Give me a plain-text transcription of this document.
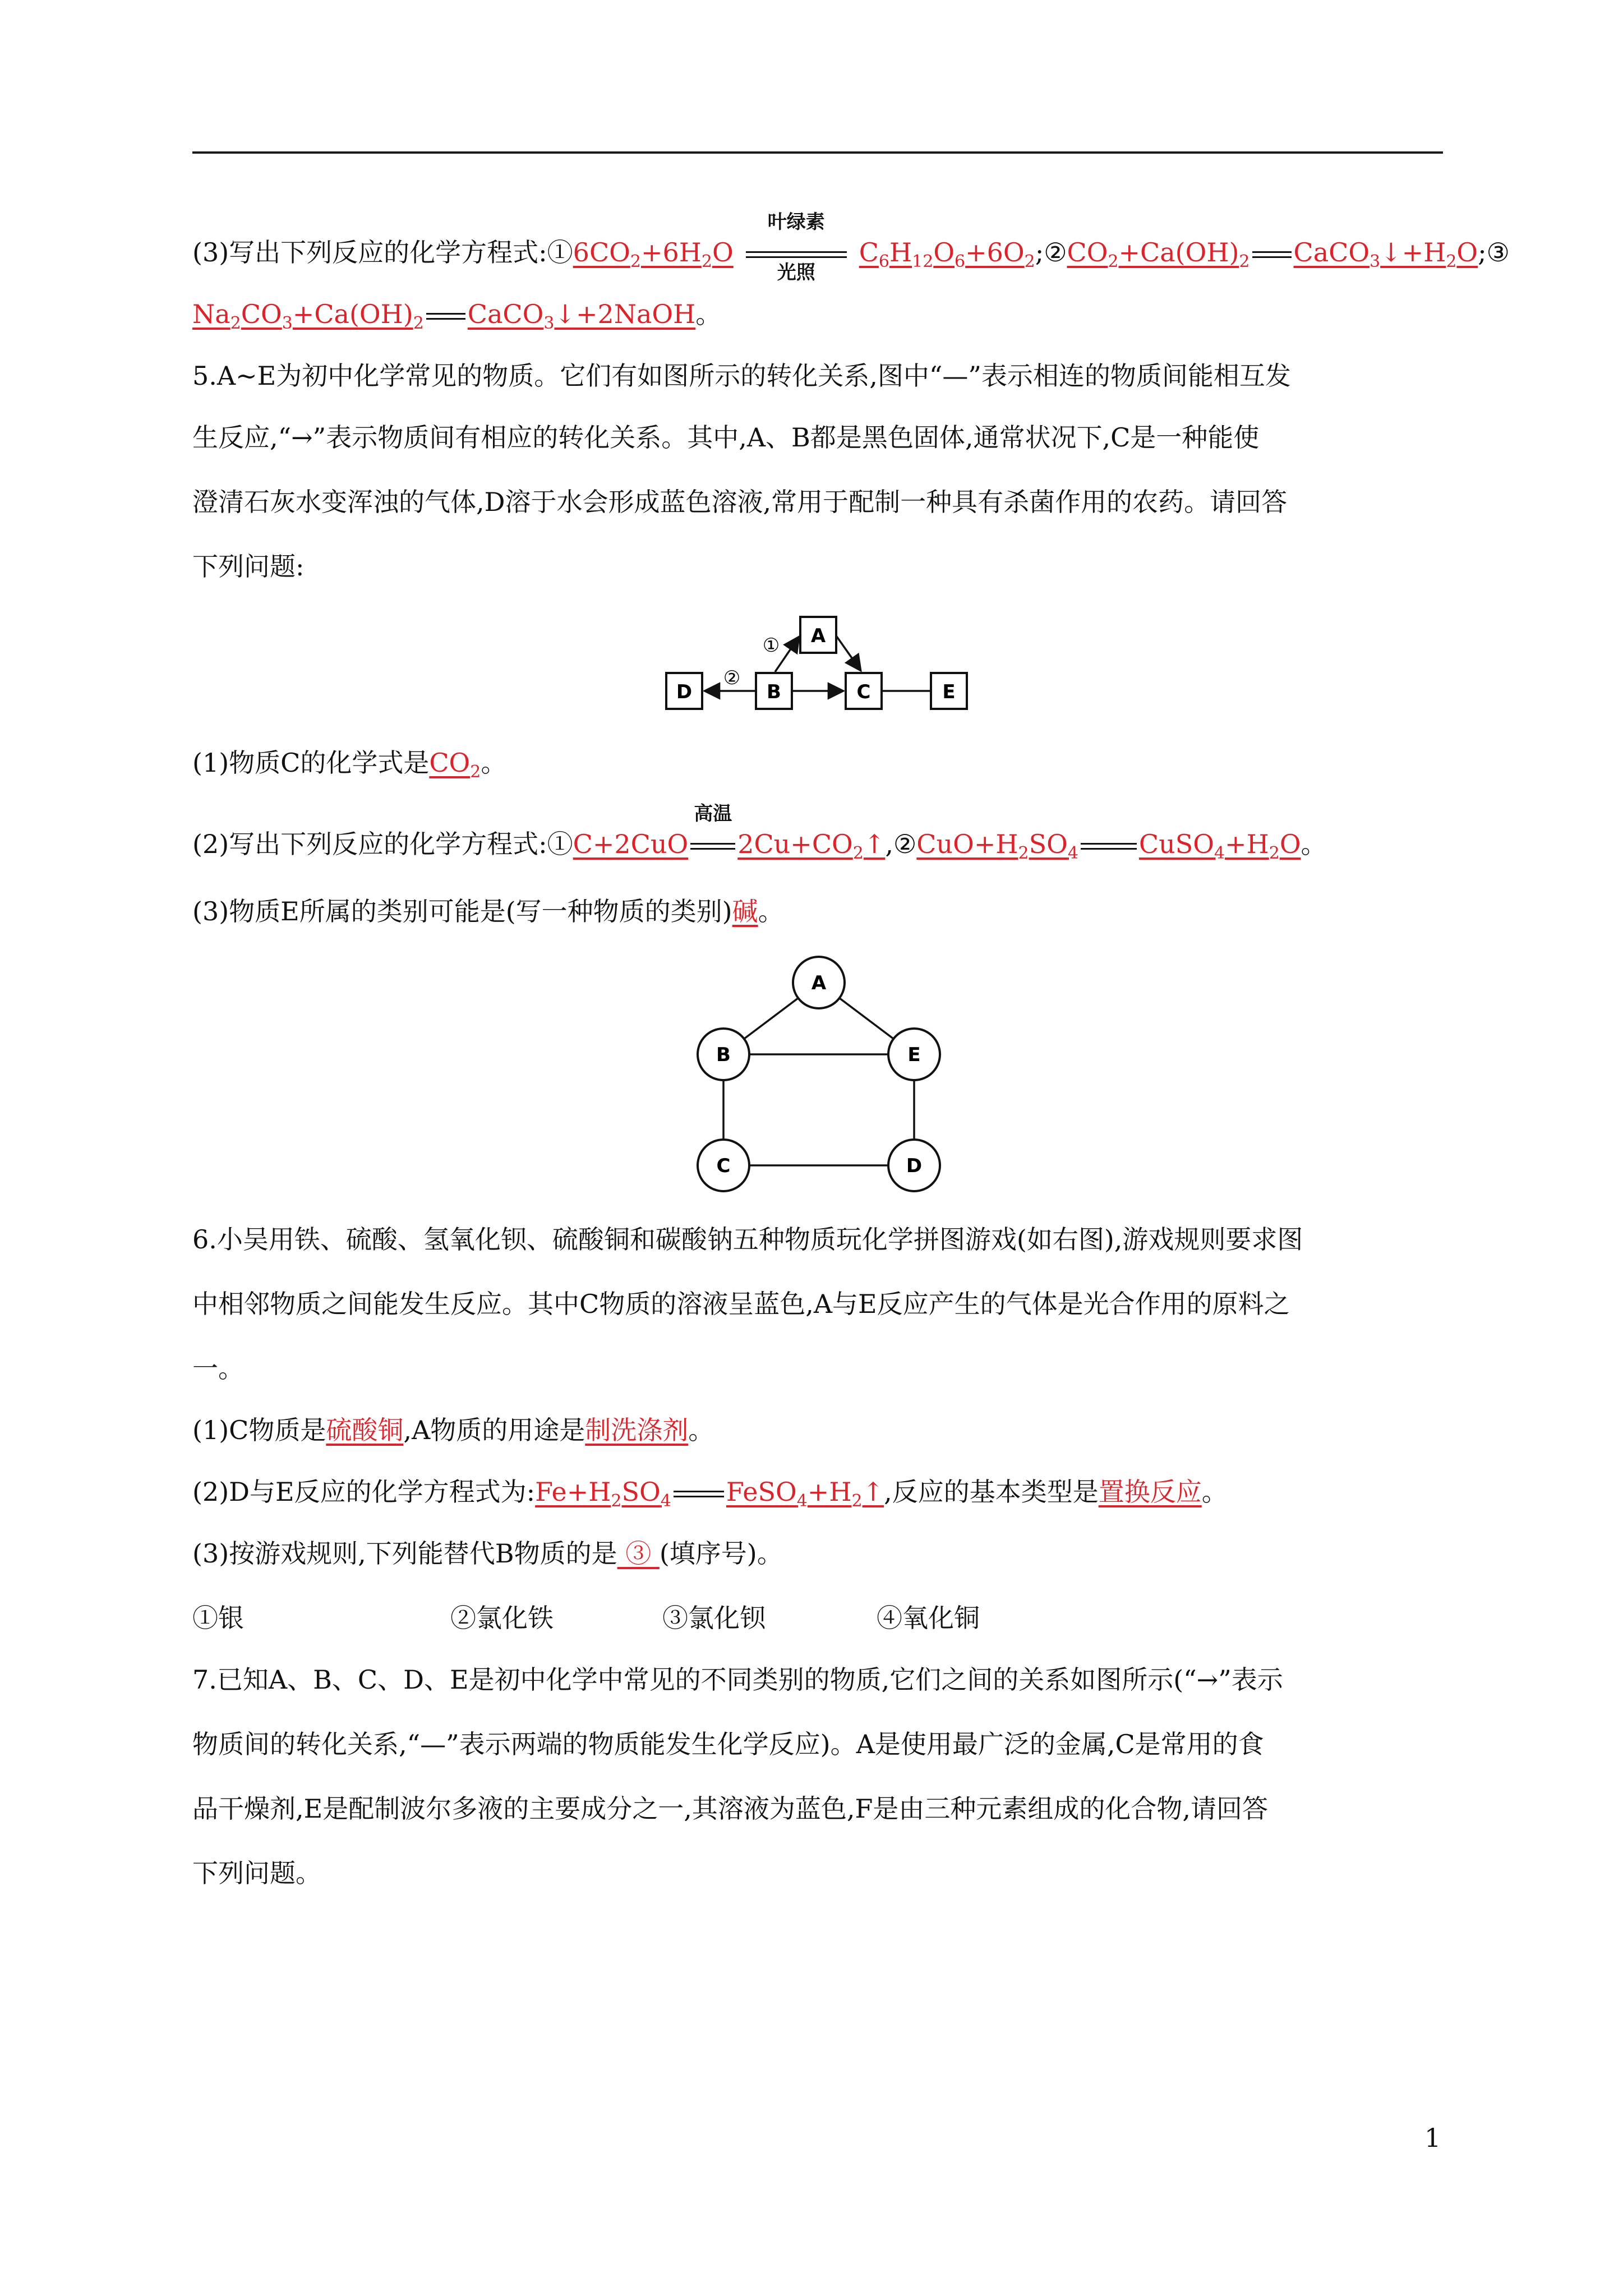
(3)写出下列反应的化学方程式$:①6CO_2+6H_2O$
叶绿素
光照
$C_6H_{12}O_6+6O_2;②CO_2+Ca(OH)_2$ $CaCO_3↓+H_2O;③$
$Na_2CO_3+Ca(OH)_2$ CaCO$_3$↓+2NaOH。
5.A~E为初中化学常见的物质。它们有如图所示的转化关系,图中“—”表示相连的物质间能相互发
生反应,“→”表示物质间有相应的转化关系。其中,A、B都是黑色固体,通常状况下,C是一种能使
澄清石灰水变浑浊的气体,D溶于水会形成蓝色溶液,常用于配制一种具有杀菌作用的农药。请回答
下列问题:
A
B	C
D	E
①
②
(1)物质C的化学式是$CO_2$。
(2)写出下列反应的化学方程式:①C+2CuO
高温
$2Cu+CO_2↑,②CuO+H_2SO_4$ $CuSO_4+H_2O$。
(3)物质E所属的类别可能是(写一种物质的类别)碱。
A
B	E
C	D
6.小吴用铁、硫酸、氢氧化钡、硫酸铜和碳酸钠五种物质玩化学拼图游戏(如右图),游戏规则要求图
中相邻物质之间能发生反应。其中C物质的溶液呈蓝色,A与E反应产生的气体是光合作用的原料之
一。
(1)C物质是硫酸铜,A物质的用途是制洗涤剂。
(2)D与E反应的化学方程式为$:Fe+H_2SO_4$ $FeSO_4+H_2↑$,反应的基本类型是置换反应。
(3)按游戏规则,下列能替代B物质的是 ③ (填序号)。
①银	②氯化铁	③氯化钡	④氧化铜
7.已知A、B、C、D、E是初中化学中常见的不同类别的物质,它们之间的关系如图所示(“→”表示
物质间的转化关系,“—”表示两端的物质能发生化学反应)。A是使用最广泛的金属,C是常用的食
品干燥剂,E是配制波尔多液的主要成分之一,其溶液为蓝色,F是由三种元素组成的化合物,请回答
下列问题。
1
